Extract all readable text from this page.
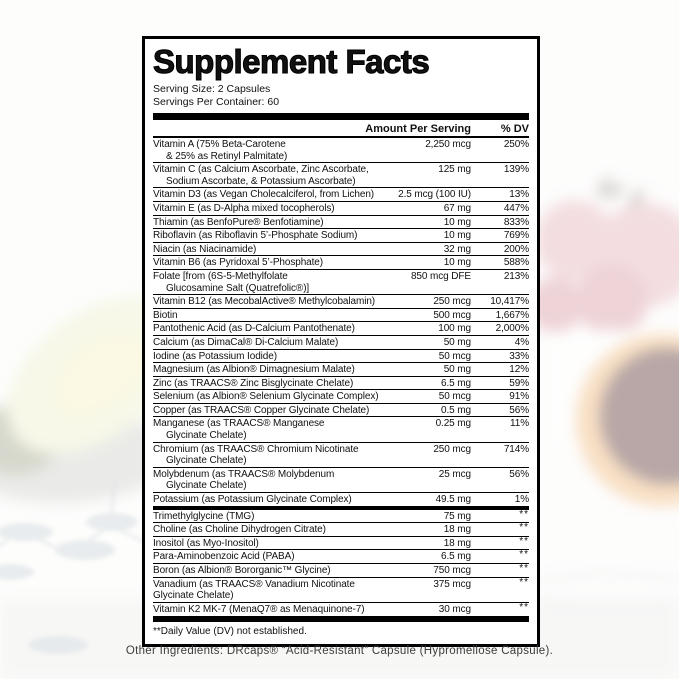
Supplement Facts
Serving Size: 2 Capsules
Servings Per Container: 60
Amount Per Serving	% DV
Vitamin A (75% Beta-Carotene	2,250 mcg	250%
& 25% as Retinyl Palmitate)
Vitamin C (as Calcium Ascorbate, Zinc Ascorbate,	125 mg	139%
Sodium Ascorbate, & Potassium Ascorbate)
Vitamin D3 (as Vegan Cholecalciferol, from Lichen)	2.5 mcg (100 IU)	13%
Vitamin E (as D-Alpha mixed tocopherols)	67 mg	447%
Thiamin (as BenfoPure® Benfotiamine)	10 mg	833%
Riboflavin (as Riboflavin 5’-Phosphate Sodium)	10 mg	769%
Niacin (as Niacinamide)	32 mg	200%
Vitamin B6 (as Pyridoxal 5’-Phosphate)	10 mg	588%
Folate [from (6S-5-Methylfolate	850 mcg DFE	213%
Glucosamine Salt (Quatrefolic®)]
Vitamin B12 (as MecobalActive® Methylcobalamin)	250 mcg	10,417%
Biotin	500 mcg	1,667%
Pantothenic Acid (as D-Calcium Pantothenate)	100 mg	2,000%
Calcium (as DimaCal® Di-Calcium Malate)	50 mg	4%
Iodine (as Potassium Iodide)	50 mcg	33%
Magnesium (as Albion® Dimagnesium Malate)	50 mg	12%
Zinc (as TRAACS® Zinc Bisglycinate Chelate)	6.5 mg	59%
Selenium (as Albion® Selenium Glycinate Complex)	50 mcg	91%
Copper (as TRAACS® Copper Glycinate Chelate)	0.5 mg	56%
Manganese (as TRAACS® Manganese	0.25 mg	11%
Glycinate Chelate)
Chromium (as TRAACS® Chromium Nicotinate	250 mcg	714%
Glycinate Chelate)
Molybdenum (as TRAACS® Molybdenum	25 mcg	56%
Glycinate Chelate)
Potassium (as Potassium Glycinate Complex)	49.5 mg	1%
Trimethylglycine (TMG)	75 mg	**
Choline (as Choline Dihydrogen Citrate)	18 mg	**
Inositol (as Myo-Inositol)	18 mg	**
Para-Aminobenzoic Acid (PABA)	6.5 mg	**
Boron (as Albion® Bororganic™ Glycine)	750 mcg	**
Vanadium (as TRAACS® Vanadium Nicotinate	375 mcg	**
Glycinate Chelate)
Vitamin K2 MK-7 (MenaQ7® as Menaquinone-7)	30 mcg	**
**Daily Value (DV) not established.
Other Ingredients: DRcaps® “Acid-Resistant” Capsule (Hypromellose Capsule).
